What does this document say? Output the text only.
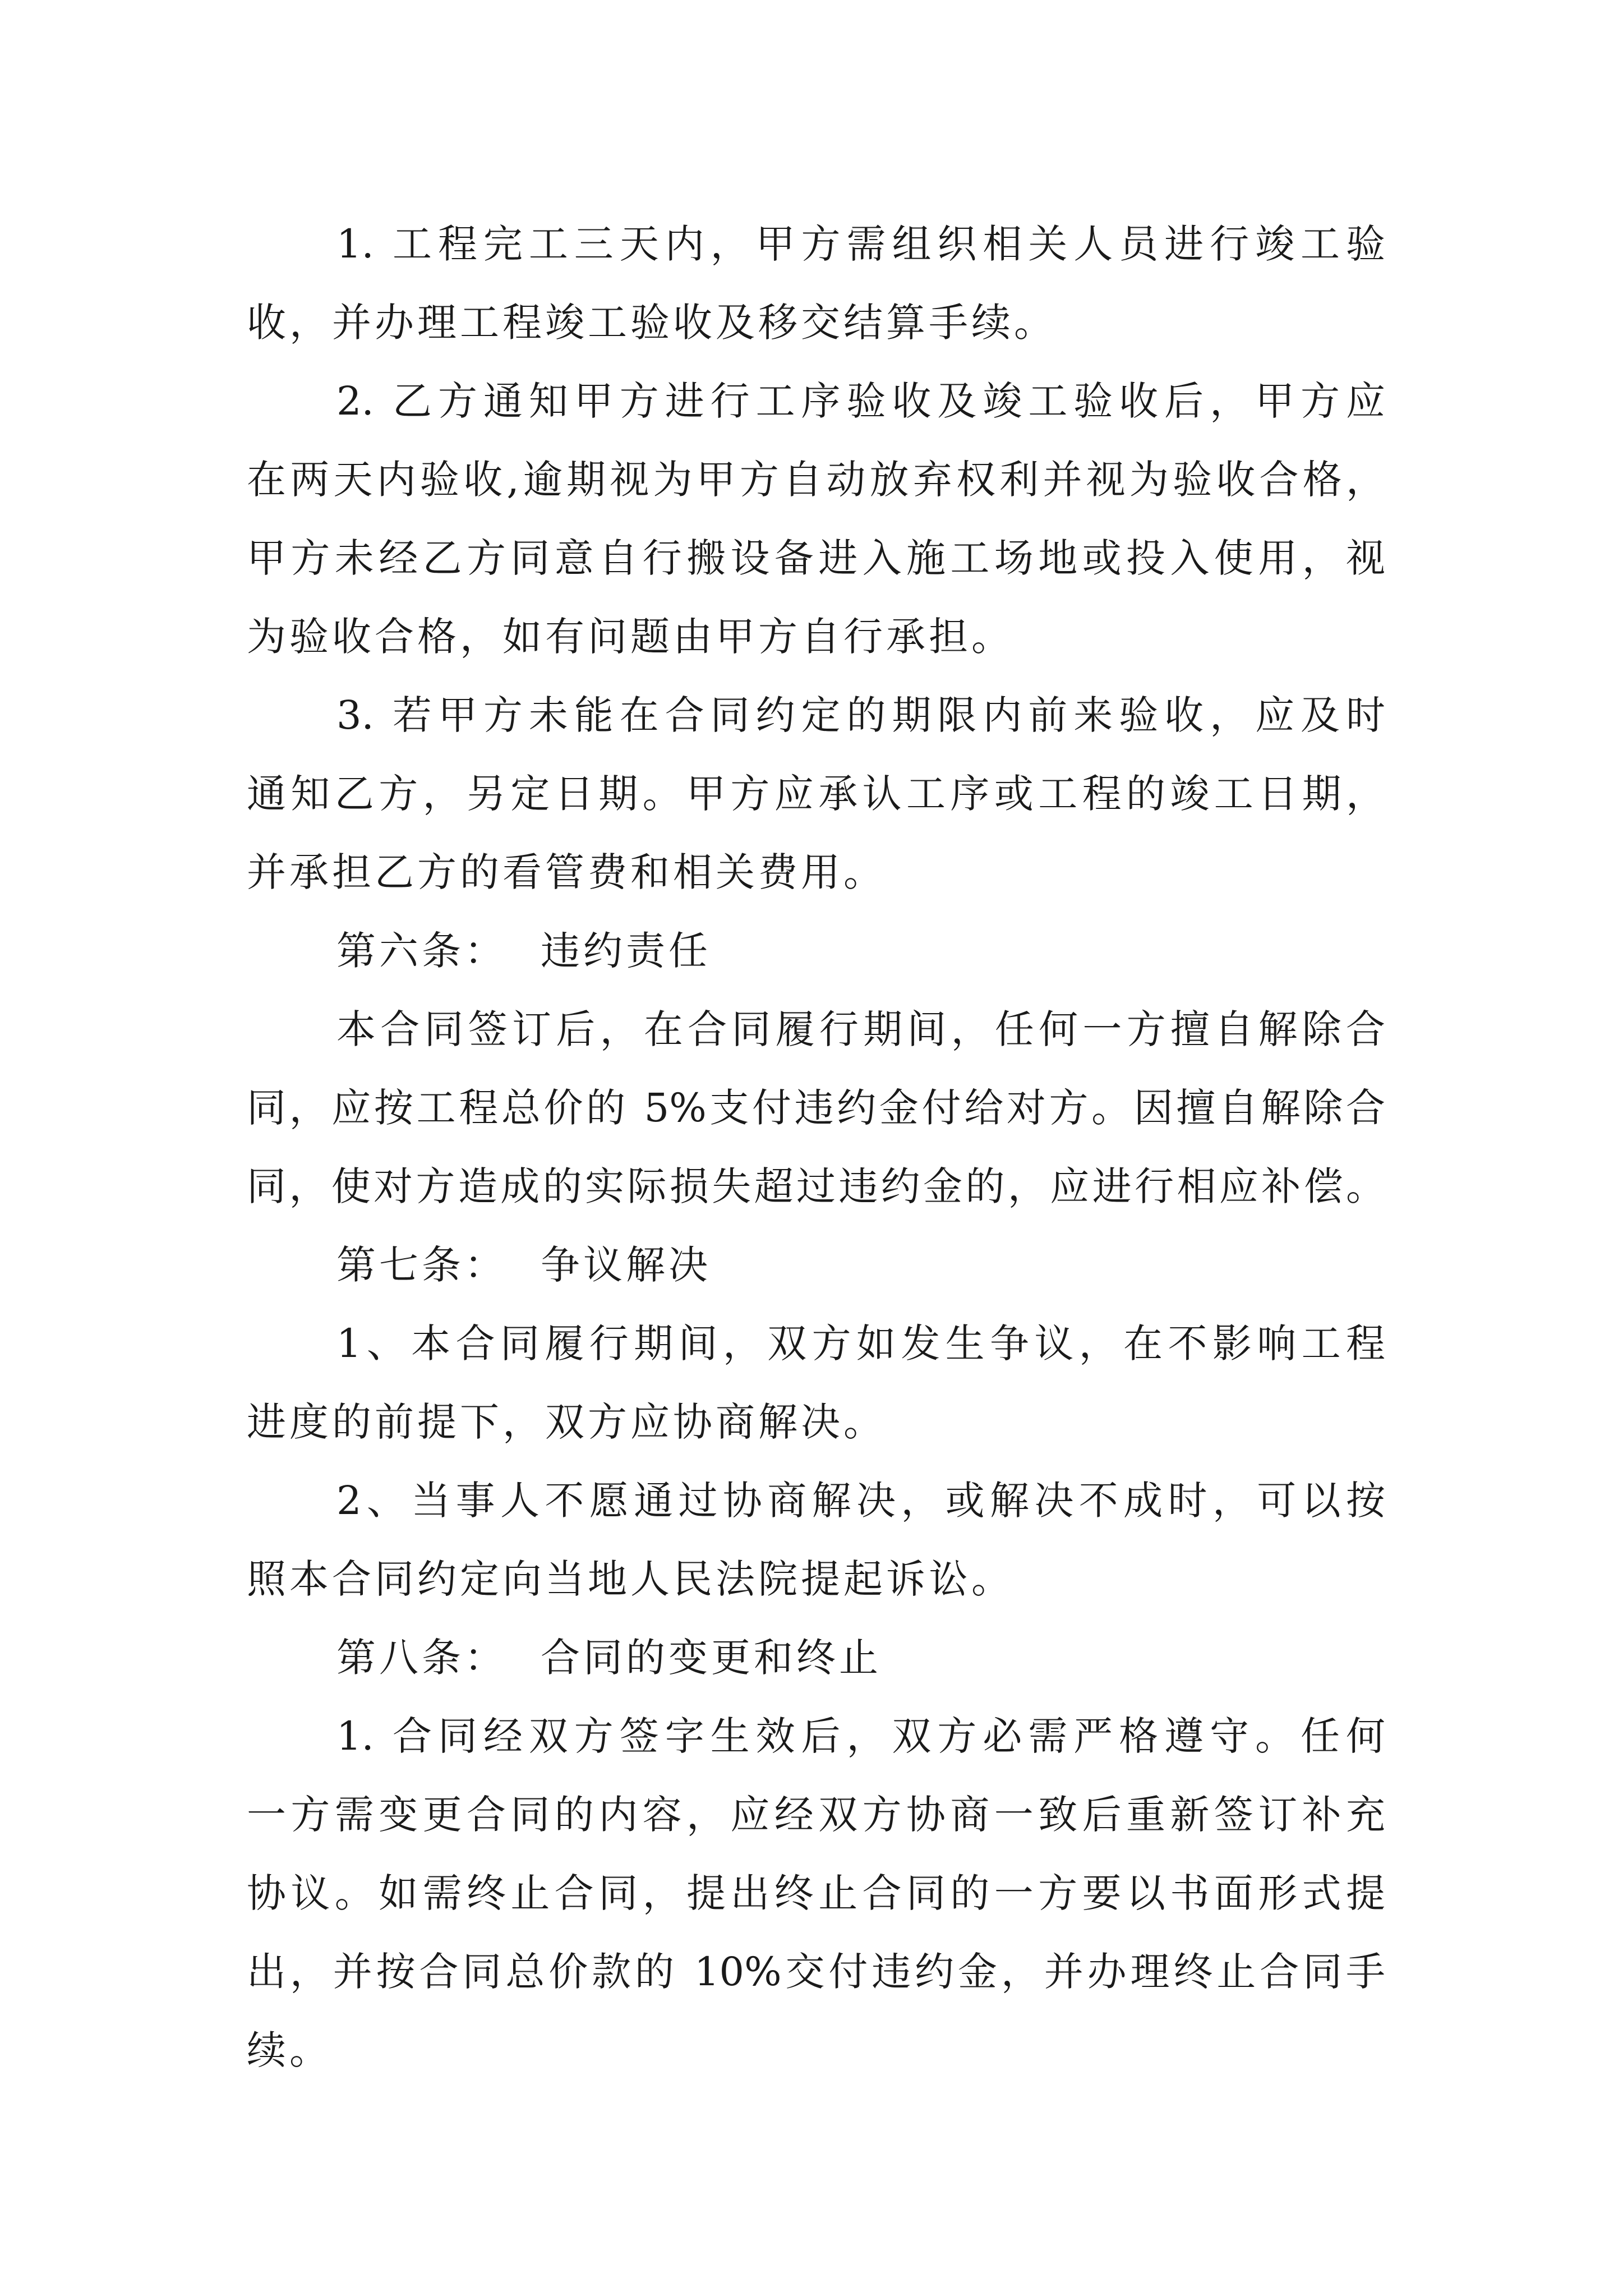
1. 工程完工三天内，甲方需组织相关人员进行竣工验
收，并办理工程竣工验收及移交结算手续。
2. 乙方通知甲方进行工序验收及竣工验收后，甲方应
在两天内验收,逾期视为甲方自动放弃权利并视为验收合格，
甲方未经乙方同意自行搬设备进入施工场地或投入使用，视
为验收合格，如有问题由甲方自行承担。
3. 若甲方未能在合同约定的期限内前来验收，应及时
通知乙方，另定日期。甲方应承认工序或工程的竣工日期，
并承担乙方的看管费和相关费用。
第六条： 违约责任
本合同签订后，在合同履行期间，任何一方擅自解除合
同，应按工程总价的 5%支付违约金付给对方。因擅自解除合
同，使对方造成的实际损失超过违约金的，应进行相应补偿。
第七条： 争议解决
1、本合同履行期间，双方如发生争议，在不影响工程
进度的前提下，双方应协商解决。
2、当事人不愿通过协商解决，或解决不成时，可以按
照本合同约定向当地人民法院提起诉讼。
第八条： 合同的变更和终止
1. 合同经双方签字生效后，双方必需严格遵守。任何
一方需变更合同的内容，应经双方协商一致后重新签订补充
协议。如需终止合同，提出终止合同的一方要以书面形式提
出，并按合同总价款的 10%交付违约金，并办理终止合同手
续。
